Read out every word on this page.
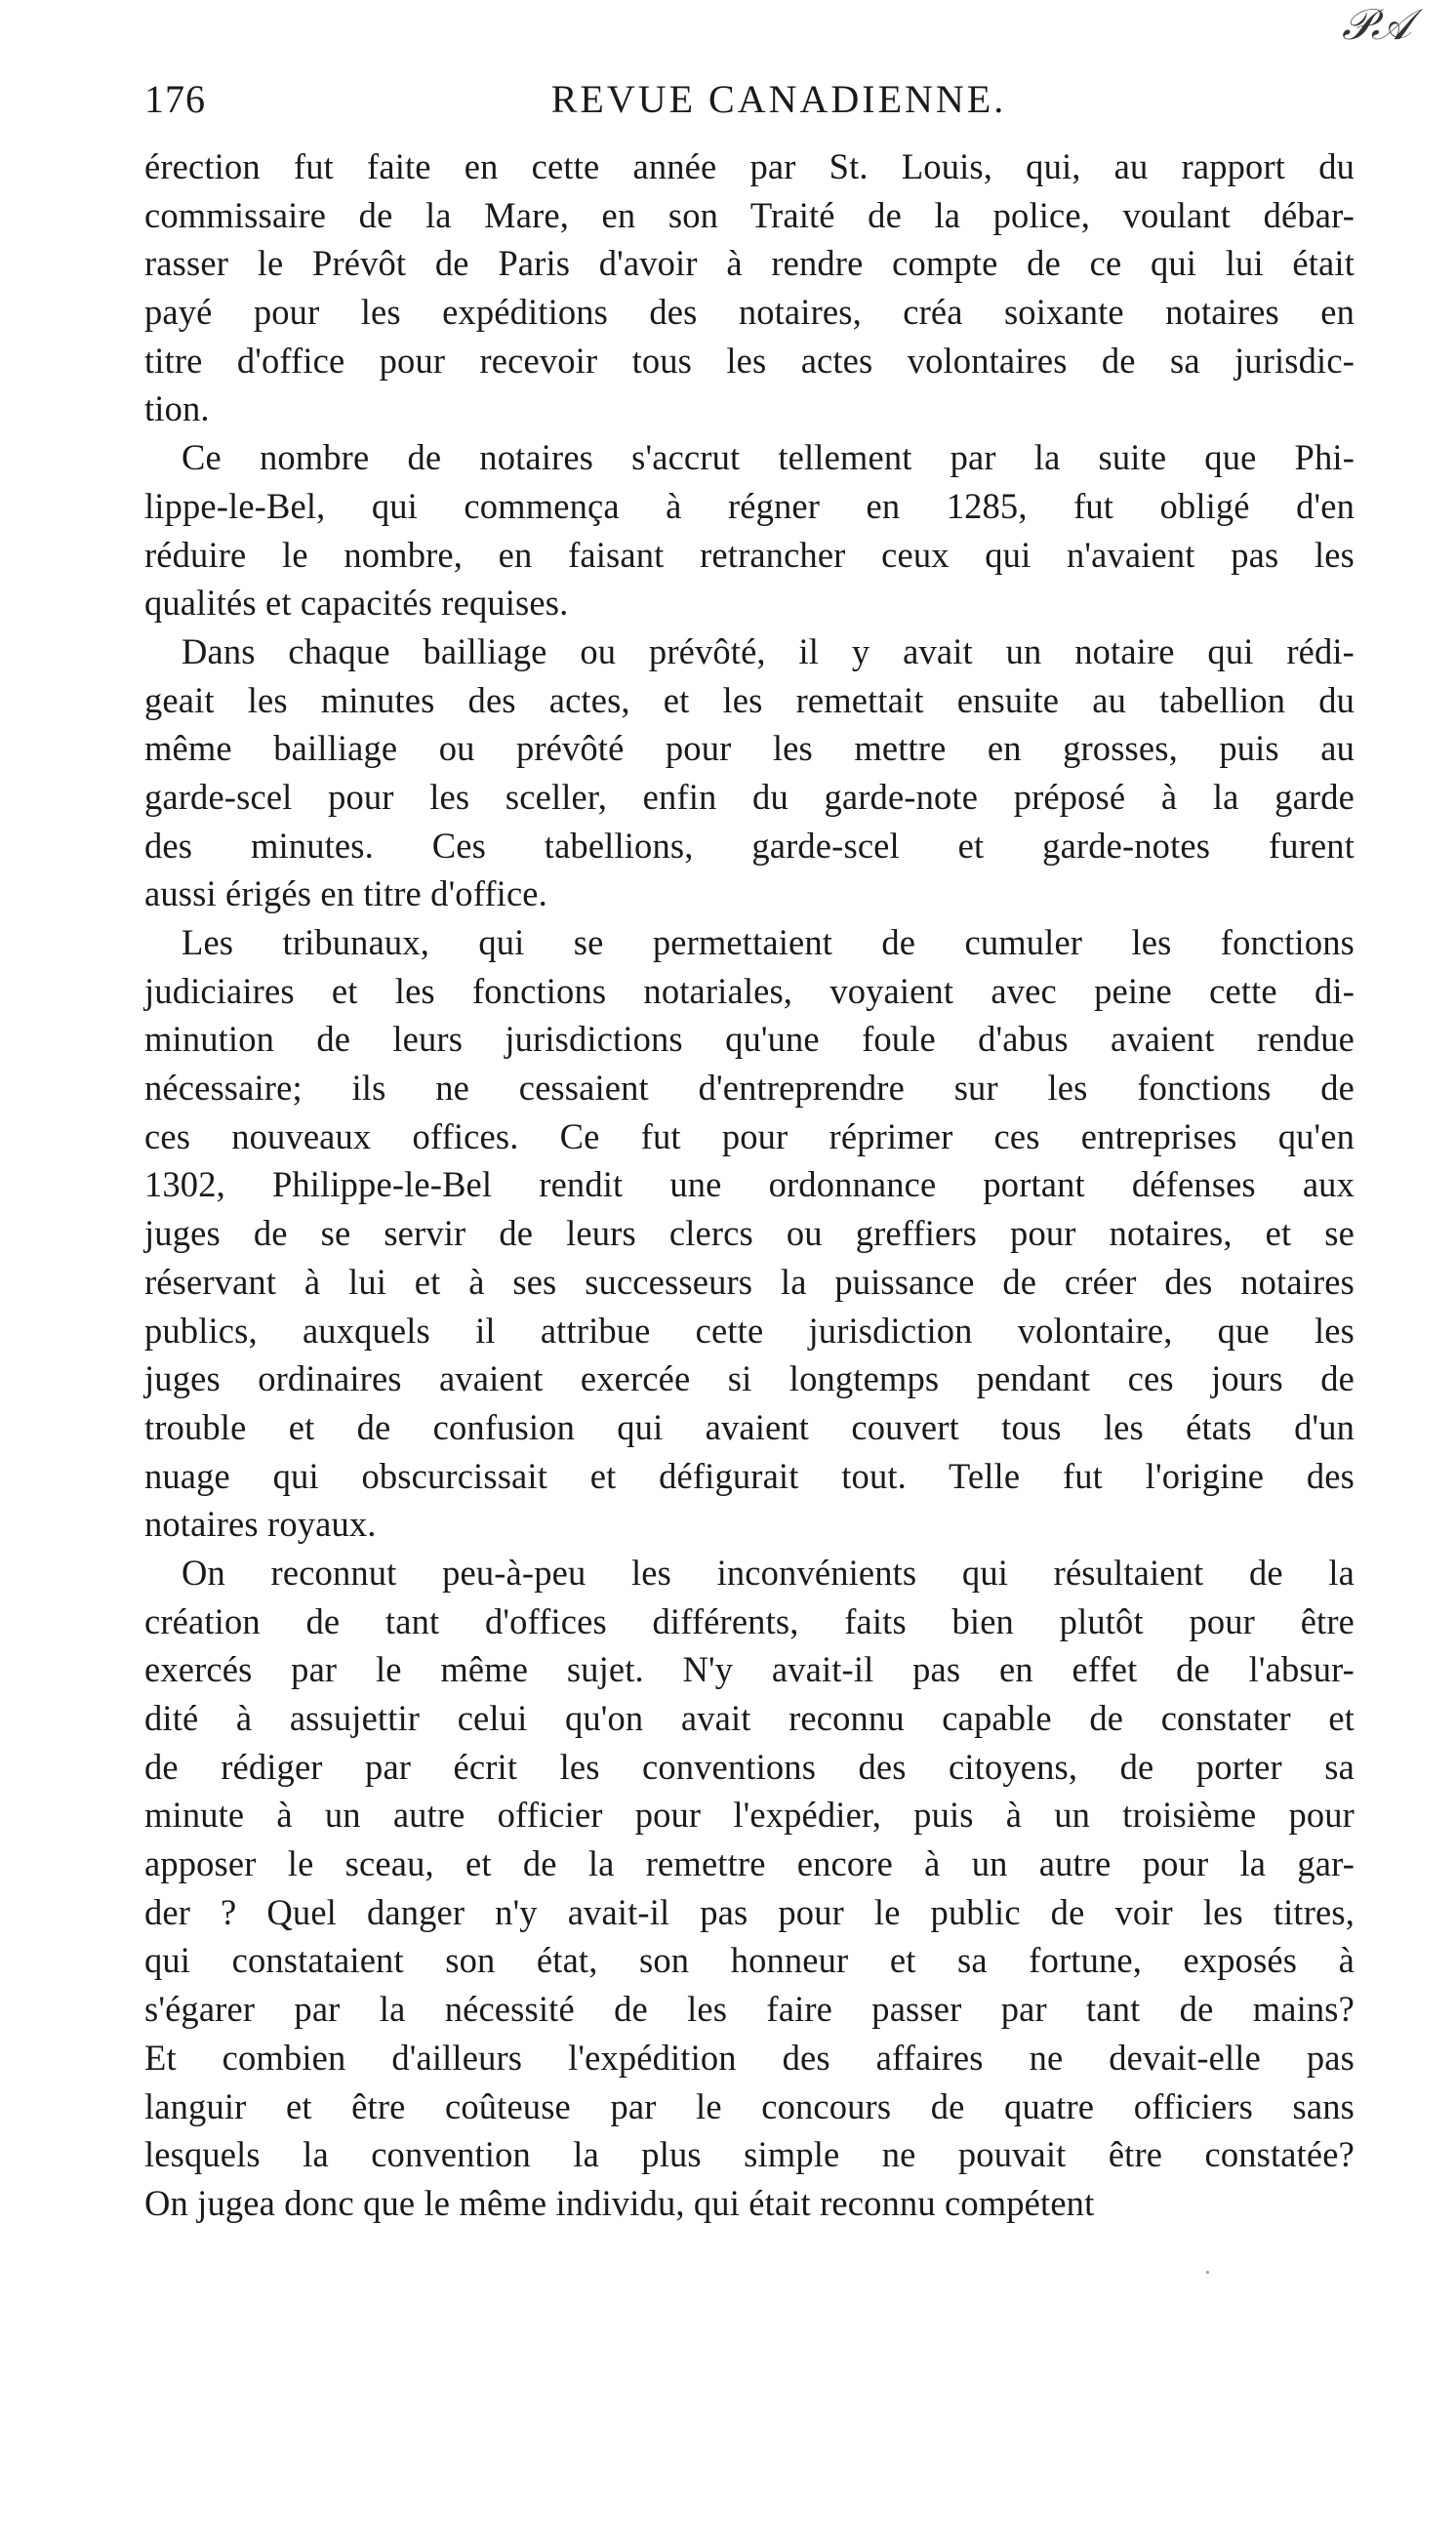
𝒫𝒜
176	REVUE CANADIENNE.
érection fut faite en cette année par St. Louis, qui, au rapport du
commissaire de la Mare, en son Traité de la police, voulant débar-
rasser le Prévôt de Paris d'avoir à rendre compte de ce qui lui était
payé pour les expéditions des notaires, créa soixante notaires en
titre d'office pour recevoir tous les actes volontaires de sa jurisdic-
tion.
Ce nombre de notaires s'accrut tellement par la suite que Phi-
lippe-le-Bel, qui commença à régner en 1285, fut obligé d'en
réduire le nombre, en faisant retrancher ceux qui n'avaient pas les
qualités et capacités requises.
Dans chaque bailliage ou prévôté, il y avait un notaire qui rédi-
geait les minutes des actes, et les remettait ensuite au tabellion du
même bailliage ou prévôté pour les mettre en grosses, puis au
garde-scel pour les sceller, enfin du garde-note préposé à la garde
des minutes. Ces tabellions, garde-scel et garde-notes furent
aussi érigés en titre d'office.
Les tribunaux, qui se permettaient de cumuler les fonctions
judiciaires et les fonctions notariales, voyaient avec peine cette di-
minution de leurs jurisdictions qu'une foule d'abus avaient rendue
nécessaire; ils ne cessaient d'entreprendre sur les fonctions de
ces nouveaux offices. Ce fut pour réprimer ces entreprises qu'en
1302, Philippe-le-Bel rendit une ordonnance portant défenses aux
juges de se servir de leurs clercs ou greffiers pour notaires, et se
réservant à lui et à ses successeurs la puissance de créer des notaires
publics, auxquels il attribue cette jurisdiction volontaire, que les
juges ordinaires avaient exercée si longtemps pendant ces jours de
trouble et de confusion qui avaient couvert tous les états d'un
nuage qui obscurcissait et défigurait tout. Telle fut l'origine des
notaires royaux.
On reconnut peu-à-peu les inconvénients qui résultaient de la
création de tant d'offices différents, faits bien plutôt pour être
exercés par le même sujet. N'y avait-il pas en effet de l'absur-
dité à assujettir celui qu'on avait reconnu capable de constater et
de rédiger par écrit les conventions des citoyens, de porter sa
minute à un autre officier pour l'expédier, puis à un troisième pour
apposer le sceau, et de la remettre encore à un autre pour la gar-
der ? Quel danger n'y avait-il pas pour le public de voir les titres,
qui constataient son état, son honneur et sa fortune, exposés à
s'égarer par la nécessité de les faire passer par tant de mains?
Et combien d'ailleurs l'expédition des affaires ne devait-elle pas
languir et être coûteuse par le concours de quatre officiers sans
lesquels la convention la plus simple ne pouvait être constatée?
On jugea donc que le même individu, qui était reconnu compétent
